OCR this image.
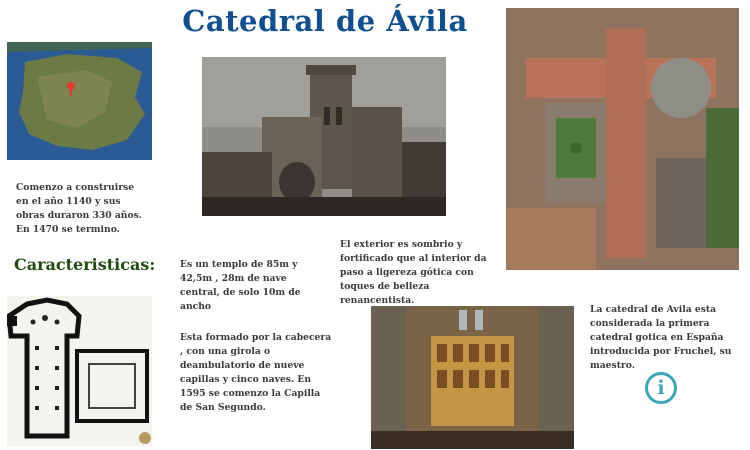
Catedral de Ávila
Comenzo a construirse en el año 1140 y sus obras duraron 330 años. En 1470 se termino.
Es un templo de 85m y 42,5m , 28m de nave central, de solo 10m de ancho
El exterior es sombrio y fortificado que al interior da paso a ligereza gótica con toques de belleza renancentista.
Caracteristicas:
Esta formado por la cabecera , con una girola o deambulatorio de nueve capillas y cinco naves. En 1595 se comenzo la Capilla de San Segundo.
La catedral de Avila esta considerada la primera catedral gotica en España introducida por Fruchel, su maestro.
i
